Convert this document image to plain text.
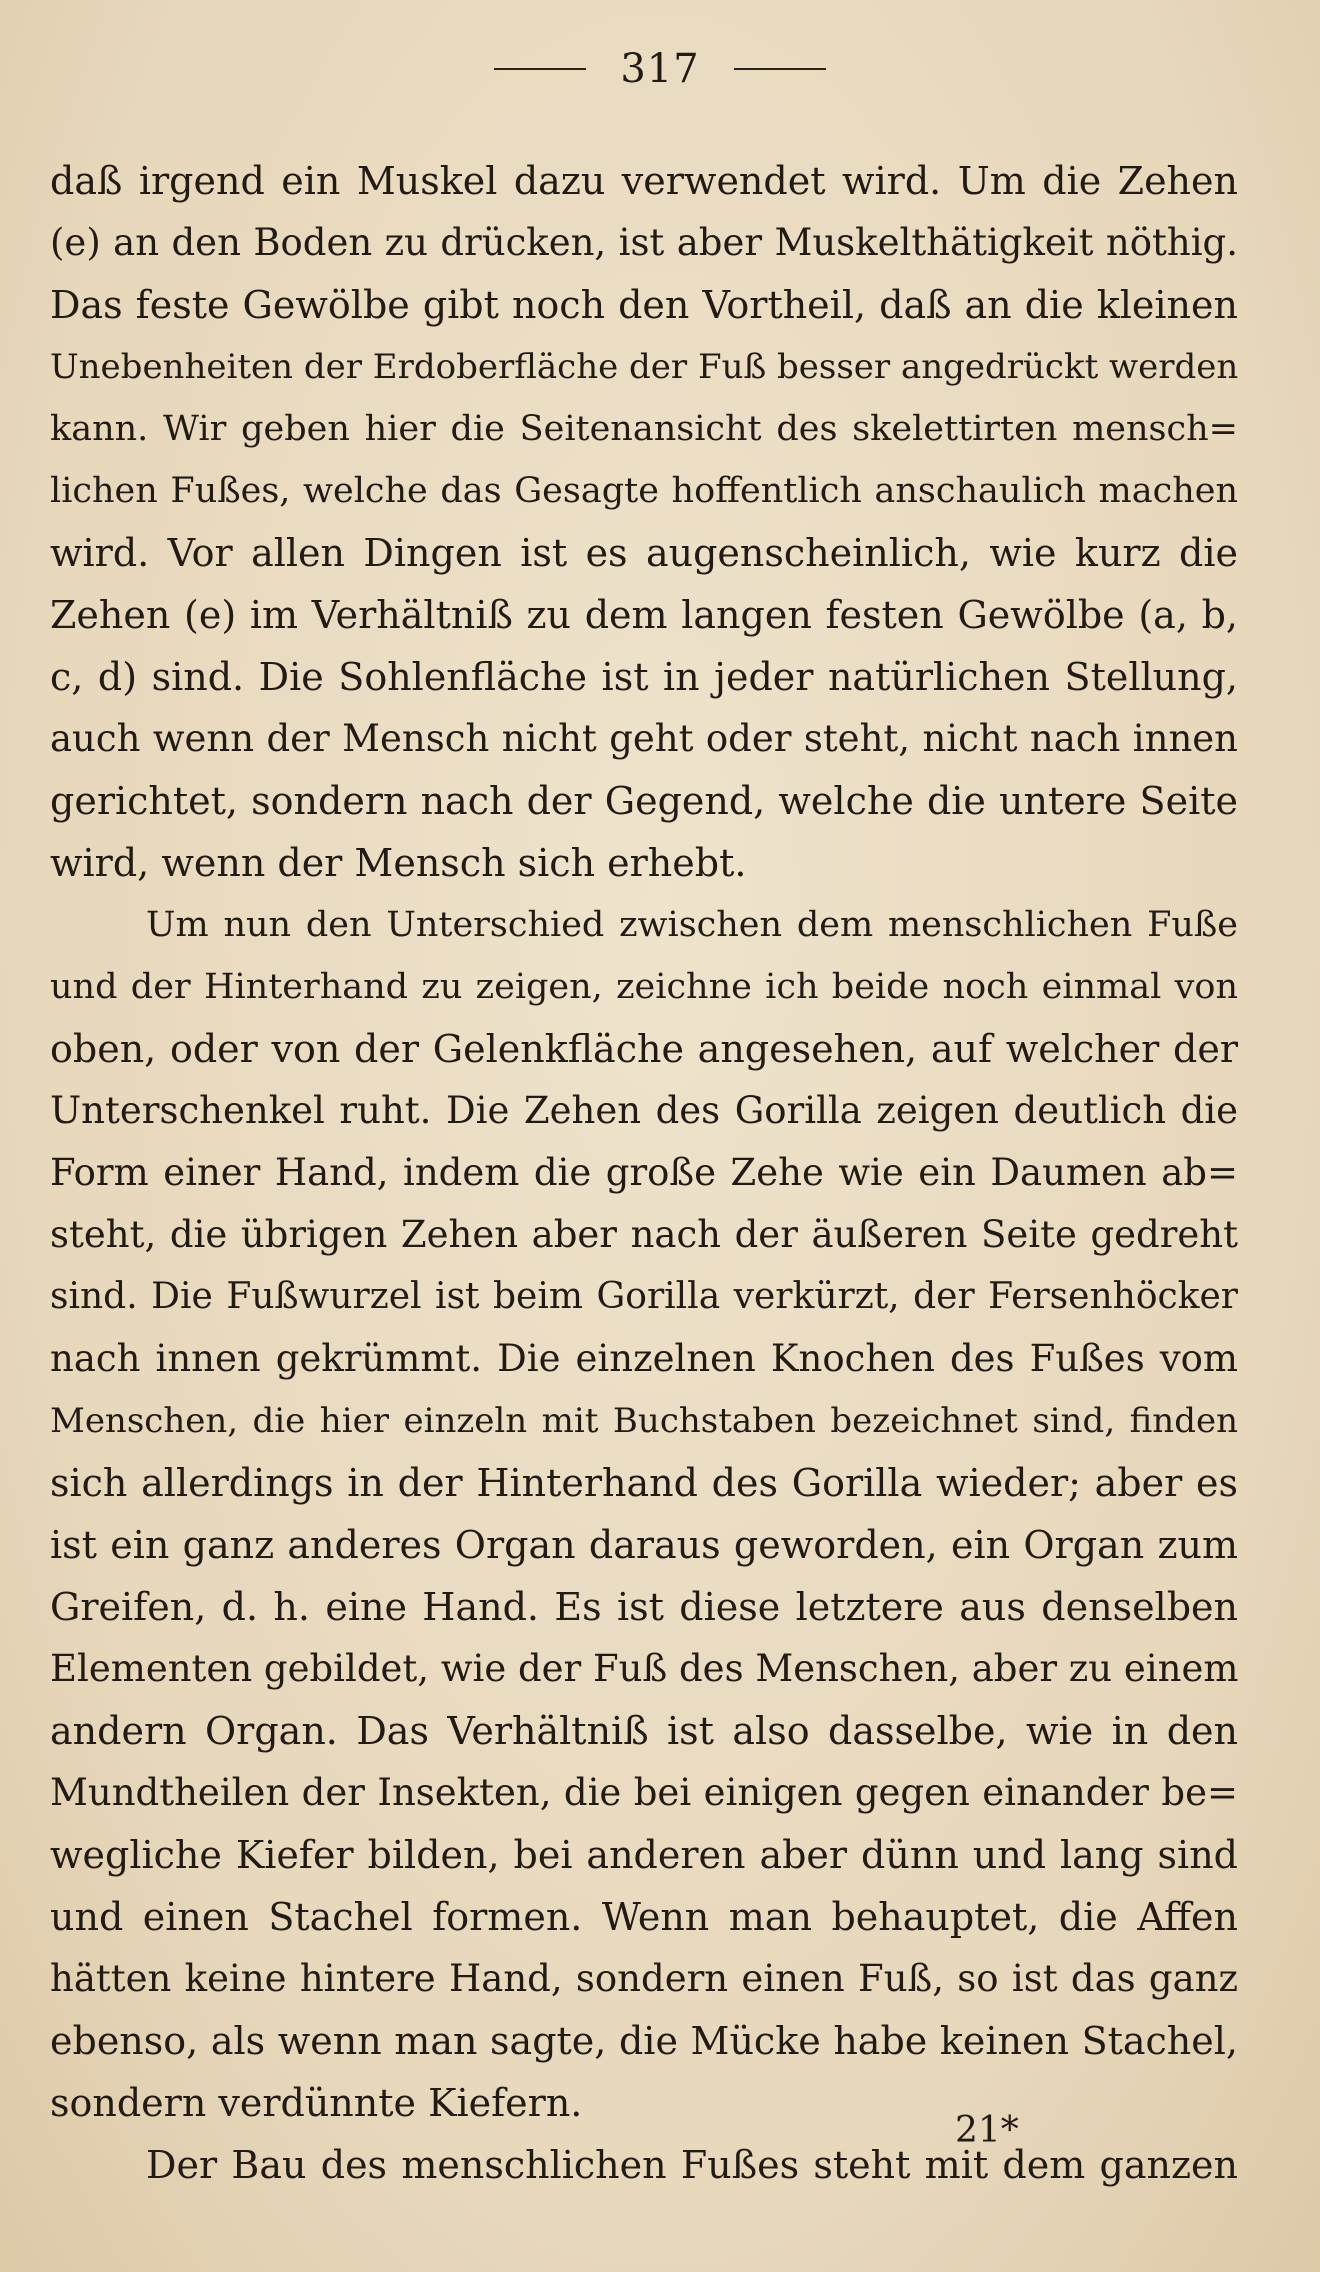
317
daß irgend ein Muskel dazu verwendet wird. Um die Zehen
(e) an den Boden zu drücken, ist aber Muskelthätigkeit nöthig.
Das feste Gewölbe gibt noch den Vortheil, daß an die kleinen
Unebenheiten der Erdoberfläche der Fuß besser angedrückt werden
kann. Wir geben hier die Seitenansicht des skelettirten mensch=
lichen Fußes, welche das Gesagte hoffentlich anschaulich machen
wird. Vor allen Dingen ist es augenscheinlich, wie kurz die
Zehen (e) im Verhältniß zu dem langen festen Gewölbe (a, b,
c, d) sind. Die Sohlenfläche ist in jeder natürlichen Stellung,
auch wenn der Mensch nicht geht oder steht, nicht nach innen
gerichtet, sondern nach der Gegend, welche die untere Seite
wird, wenn der Mensch sich erhebt.
Um nun den Unterschied zwischen dem menschlichen Fuße
und der Hinterhand zu zeigen, zeichne ich beide noch einmal von
oben, oder von der Gelenkfläche angesehen, auf welcher der
Unterschenkel ruht. Die Zehen des Gorilla zeigen deutlich die
Form einer Hand, indem die große Zehe wie ein Daumen ab=
steht, die übrigen Zehen aber nach der äußeren Seite gedreht
sind. Die Fußwurzel ist beim Gorilla verkürzt, der Fersenhöcker
nach innen gekrümmt. Die einzelnen Knochen des Fußes vom
Menschen, die hier einzeln mit Buchstaben bezeichnet sind, finden
sich allerdings in der Hinterhand des Gorilla wieder; aber es
ist ein ganz anderes Organ daraus geworden, ein Organ zum
Greifen, d. h. eine Hand. Es ist diese letztere aus denselben
Elementen gebildet, wie der Fuß des Menschen, aber zu einem
andern Organ. Das Verhältniß ist also dasselbe, wie in den
Mundtheilen der Insekten, die bei einigen gegen einander be=
wegliche Kiefer bilden, bei anderen aber dünn und lang sind
und einen Stachel formen. Wenn man behauptet, die Affen
hätten keine hintere Hand, sondern einen Fuß, so ist das ganz
ebenso, als wenn man sagte, die Mücke habe keinen Stachel,
sondern verdünnte Kiefern.
Der Bau des menschlichen Fußes steht mit dem ganzen
21*
